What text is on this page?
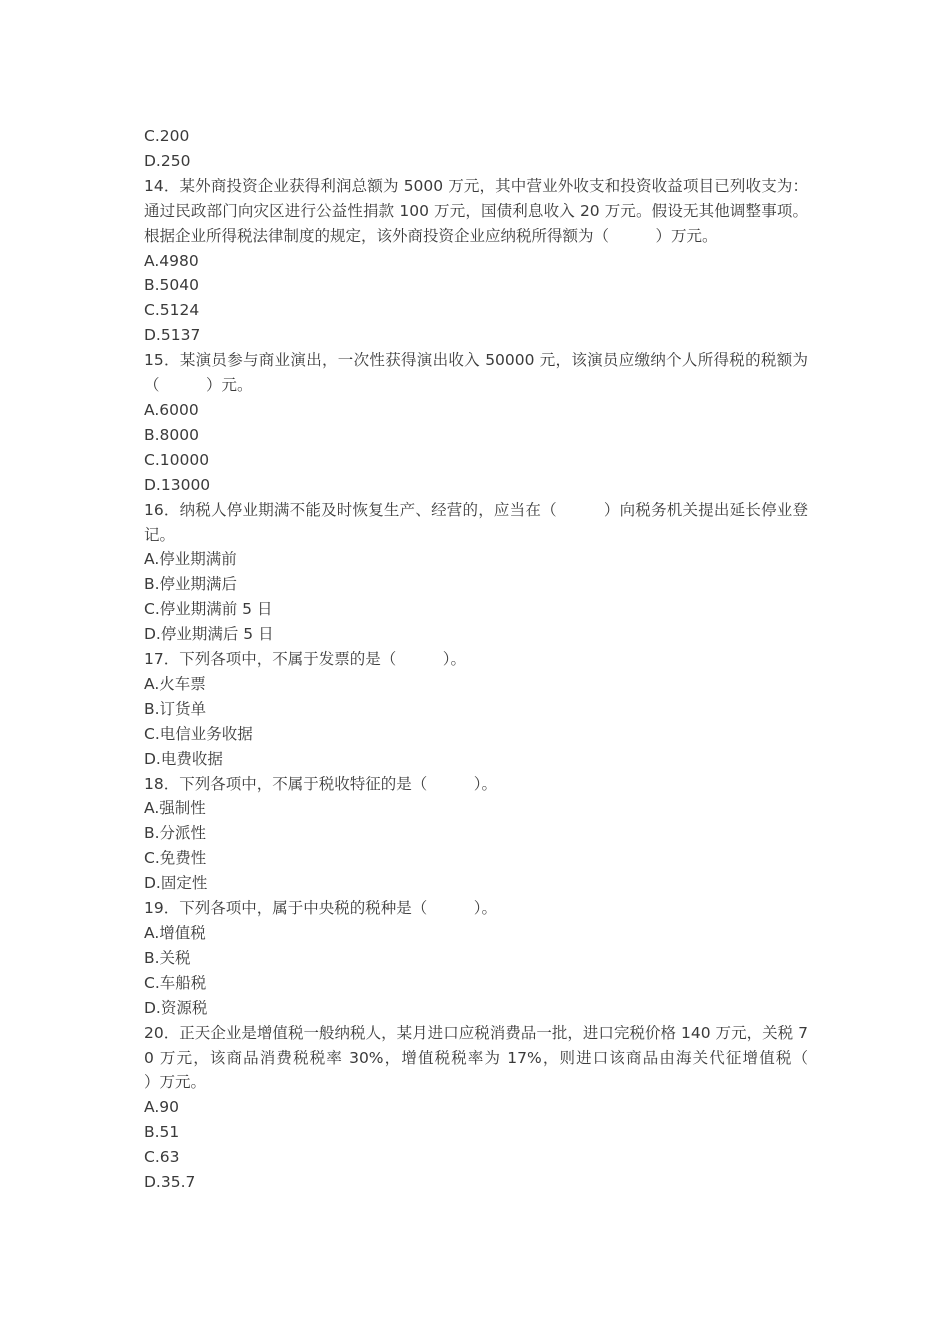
C.200

D.250

14．某外商投资企业获得利润总额为 5000 万元，其中营业外收支和投资收益项目已列收支为：通过民政部门向灾区进行公益性捐款 100 万元，国债利息收入 20 万元。假设无其他调整事项。根据企业所得税法律制度的规定，该外商投资企业应纳税所得额为（　　　）万元。

A.4980

B.5040

C.5124

D.5137

15．某演员参与商业演出，一次性获得演出收入 50000 元，该演员应缴纳个人所得税的税额为（　　　）元。

A.6000

B.8000

C.10000

D.13000

16．纳税人停业期满不能及时恢复生产、经营的，应当在（　　　）向税务机关提出延长停业登记。

A.停业期满前

B.停业期满后

C.停业期满前 5 日

D.停业期满后 5 日

17．下列各项中，不属于发票的是（　　　）。

A.火车票

B.订货单

C.电信业务收据

D.电费收据

18．下列各项中，不属于税收特征的是（　　　）。

A.强制性

B.分派性

C.免费性

D.固定性

19．下列各项中，属于中央税的税种是（　　　）。

A.增值税

B.关税

C.车船税

D.资源税

20．正天企业是增值税一般纳税人，某月进口应税消费品一批，进口完税价格 140 万元，关税 70 万元，该商品消费税税率 30%，增值税税率为 17%，则进口该商品由海关代征增值税（　　　）万元。

A.90

B.51

C.63

D.35.7
